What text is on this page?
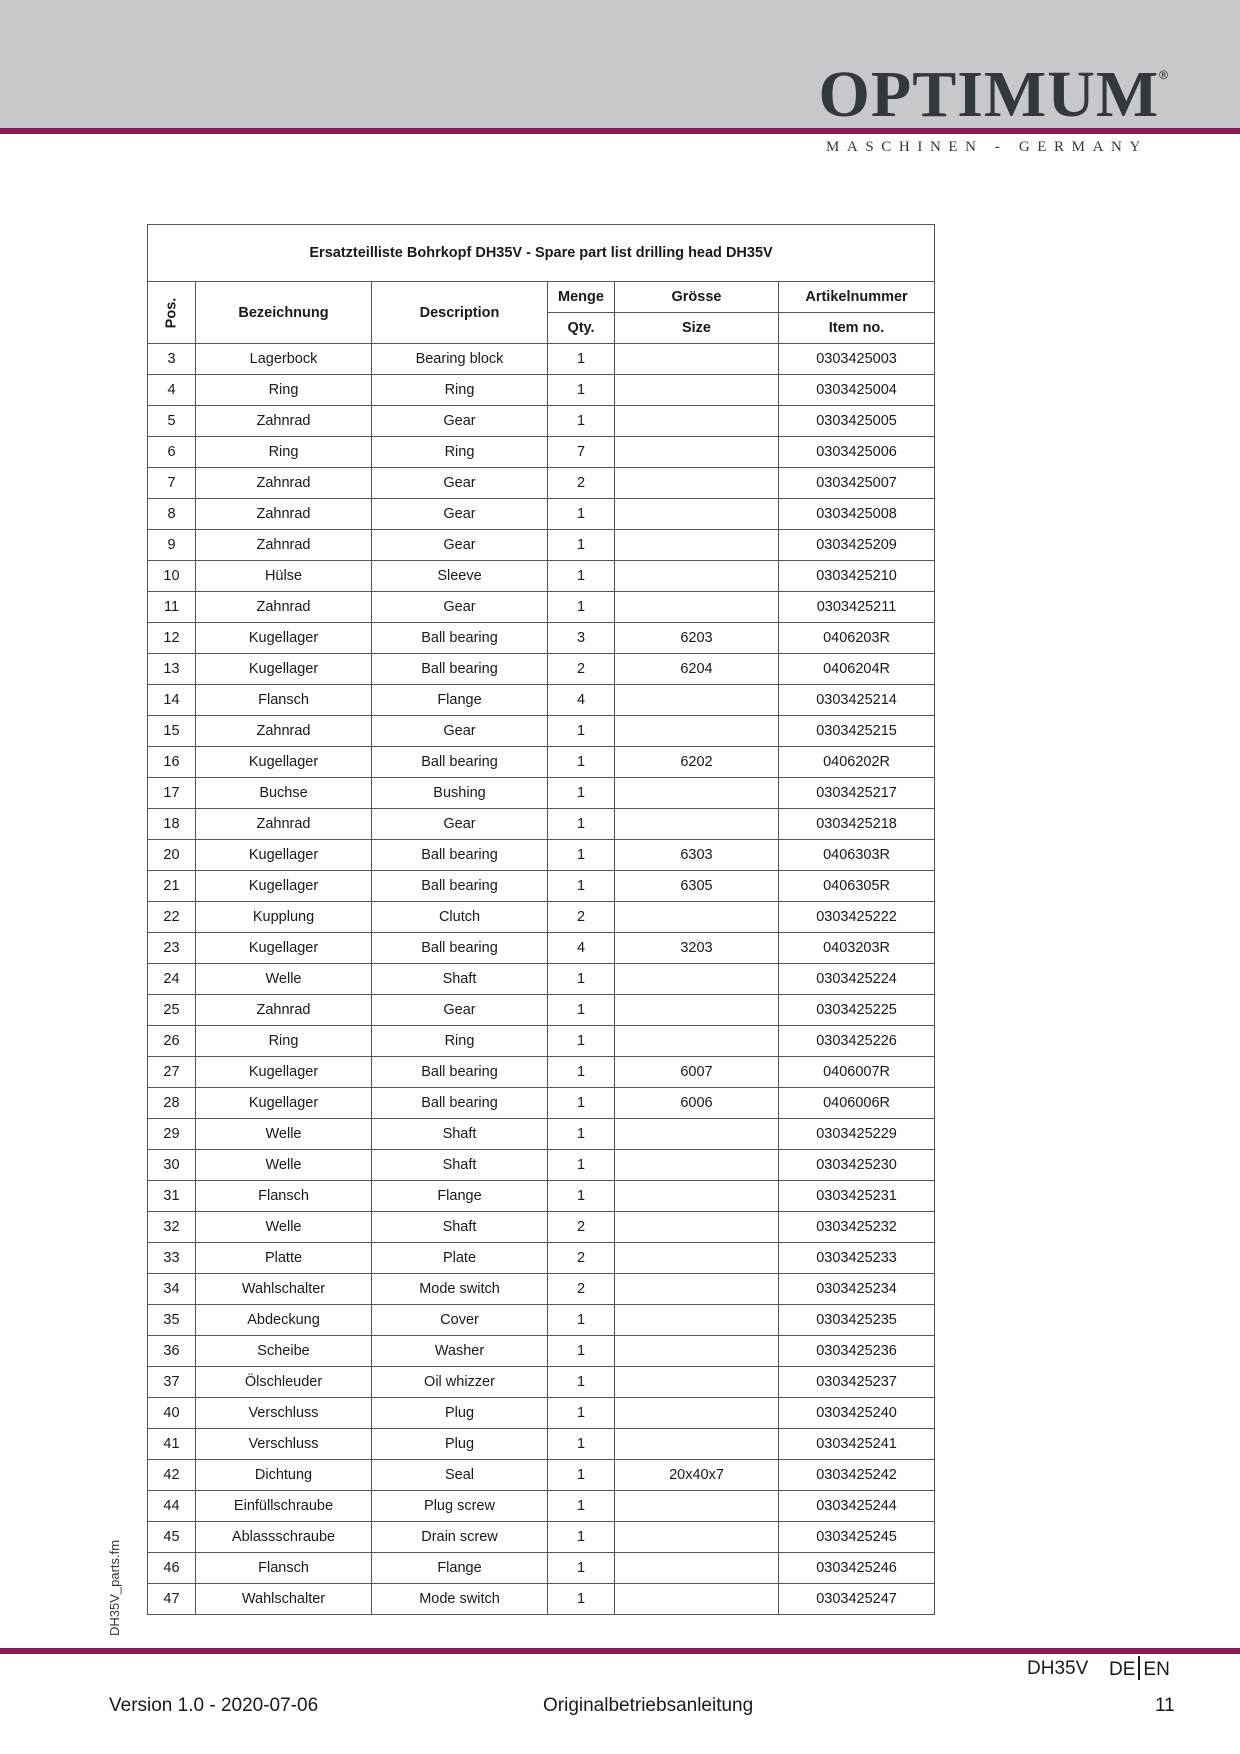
OPTIMUM®
MASCHINEN - GERMANY
Ersatzteilliste Bohrkopf DH35V - Spare part list drilling head DH35V					
Pos.	Bezeichnung	Description	Menge	Grösse	Artikelnummer
			Qty.	Size	Item no.
3	Lagerbock	Bearing block	1		0303425003
4	Ring	Ring	1		0303425004
5	Zahnrad	Gear	1		0303425005
6	Ring	Ring	7		0303425006
7	Zahnrad	Gear	2		0303425007
8	Zahnrad	Gear	1		0303425008
9	Zahnrad	Gear	1		0303425209
10	Hülse	Sleeve	1		0303425210
11	Zahnrad	Gear	1		0303425211
12	Kugellager	Ball bearing	3	6203	0406203R
13	Kugellager	Ball bearing	2	6204	0406204R
14	Flansch	Flange	4		0303425214
15	Zahnrad	Gear	1		0303425215
16	Kugellager	Ball bearing	1	6202	0406202R
17	Buchse	Bushing	1		0303425217
18	Zahnrad	Gear	1		0303425218
20	Kugellager	Ball bearing	1	6303	0406303R
21	Kugellager	Ball bearing	1	6305	0406305R
22	Kupplung	Clutch	2		0303425222
23	Kugellager	Ball bearing	4	3203	0403203R
24	Welle	Shaft	1		0303425224
25	Zahnrad	Gear	1		0303425225
26	Ring	Ring	1		0303425226
27	Kugellager	Ball bearing	1	6007	0406007R
28	Kugellager	Ball bearing	1	6006	0406006R
29	Welle	Shaft	1		0303425229
30	Welle	Shaft	1		0303425230
31	Flansch	Flange	1		0303425231
32	Welle	Shaft	2		0303425232
33	Platte	Plate	2		0303425233
34	Wahlschalter	Mode switch	2		0303425234
35	Abdeckung	Cover	1		0303425235
36	Scheibe	Washer	1		0303425236
37	Ölschleuder	Oil whizzer	1		0303425237
40	Verschluss	Plug	1		0303425240
41	Verschluss	Plug	1		0303425241
42	Dichtung	Seal	1	20x40x7	0303425242
44	Einfüllschraube	Plug screw	1		0303425244
45	Ablassschraube	Drain screw	1		0303425245
46	Flansch	Flange	1		0303425246
47	Wahlschalter	Mode switch	1		0303425247
DH35V_parts.fm
DH35V DE EN
Version 1.0 - 2020-07-06	Originalbetriebsanleitung	11
